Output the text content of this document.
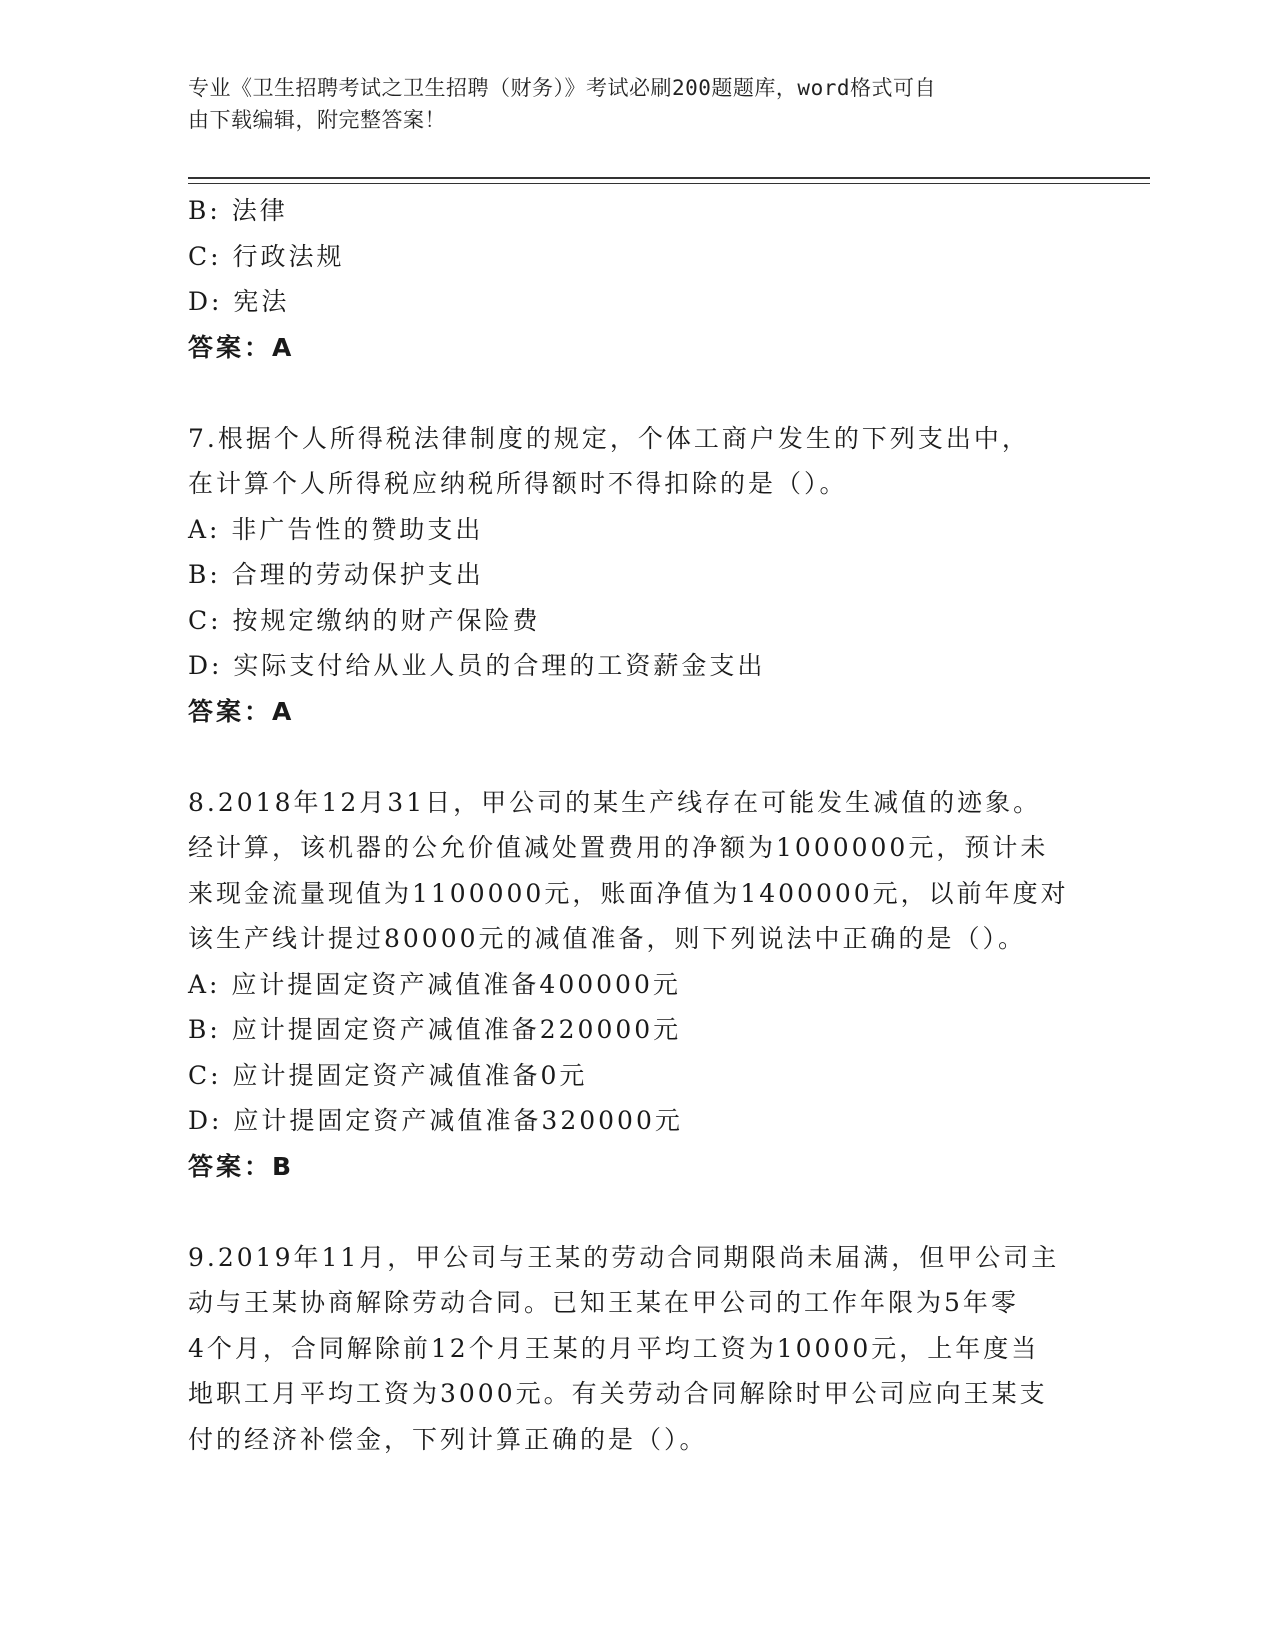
专业《卫生招聘考试之卫生招聘（财务）》考试必刷200题题库，word格式可自
由下载编辑，附完整答案！
B: 法律
C: 行政法规
D: 宪法
答案：A
7.根据个人所得税法律制度的规定，个体工商户发生的下列支出中，
在计算个人所得税应纳税所得额时不得扣除的是（）。
A: 非广告性的赞助支出
B: 合理的劳动保护支出
C: 按规定缴纳的财产保险费
D: 实际支付给从业人员的合理的工资薪金支出
答案：A
8.2018年12月31日，甲公司的某生产线存在可能发生减值的迹象。
经计算，该机器的公允价值减处置费用的净额为1000000元，预计未
来现金流量现值为1100000元，账面净值为1400000元，以前年度对
该生产线计提过80000元的减值准备，则下列说法中正确的是（）。
A: 应计提固定资产减值准备400000元
B: 应计提固定资产减值准备220000元
C: 应计提固定资产减值准备0元
D: 应计提固定资产减值准备320000元
答案：B
9.2019年11月，甲公司与王某的劳动合同期限尚未届满，但甲公司主
动与王某协商解除劳动合同。已知王某在甲公司的工作年限为5年零
4个月，合同解除前12个月王某的月平均工资为10000元，上年度当
地职工月平均工资为3000元。有关劳动合同解除时甲公司应向王某支
付的经济补偿金，下列计算正确的是（）。
